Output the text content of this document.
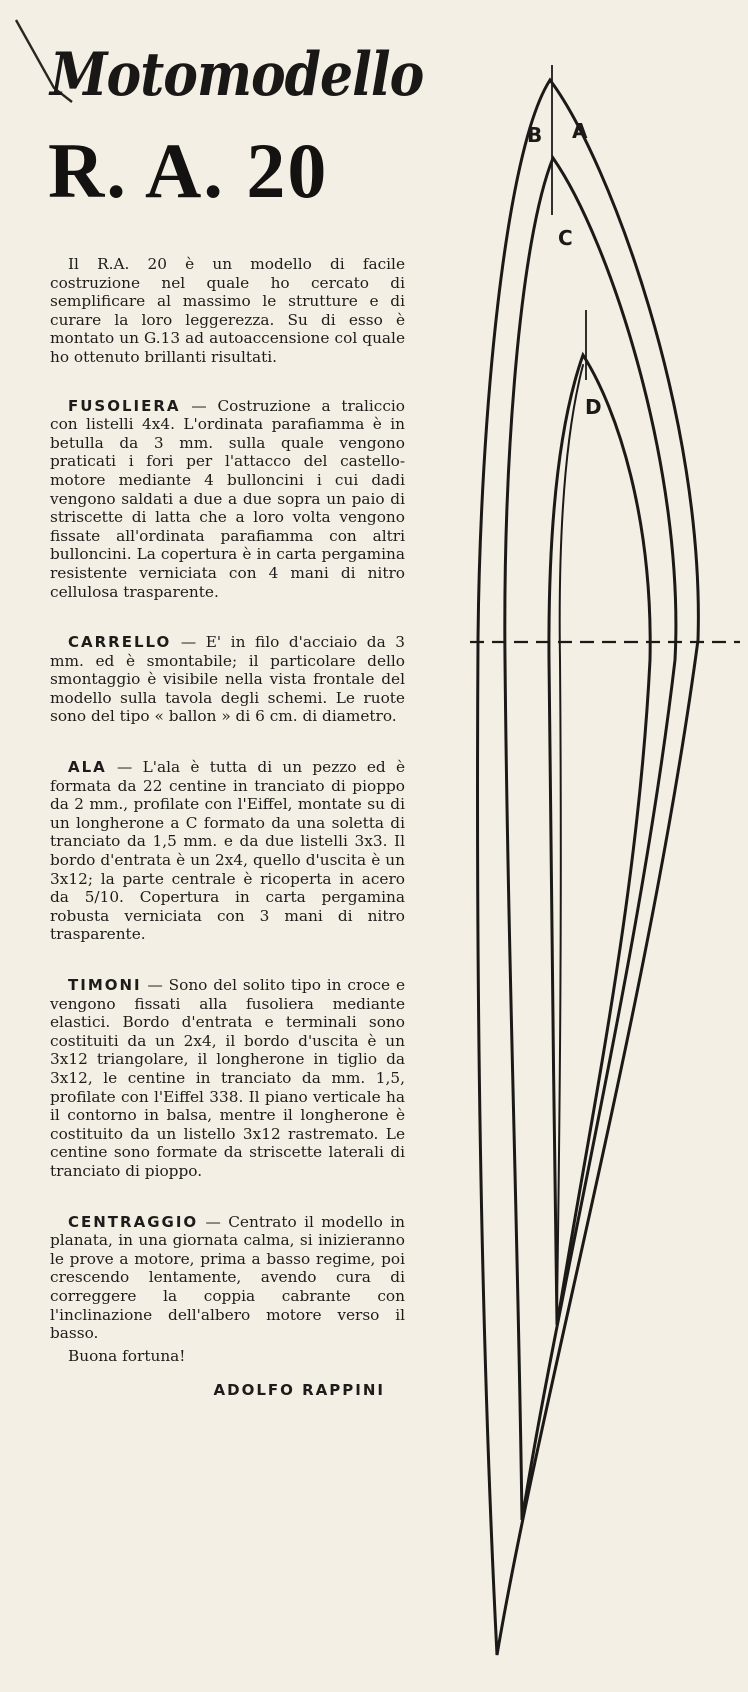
Motomodello
R. A. 20

Il R.A. 20 è un modello di facile costruzione nel quale ho cercato di semplificare al massimo le strutture e di curare la loro leggerezza. Su di esso è montato un G.13 ad autoaccensione col quale ho ottenuto brillanti risultati.

FUSOLIERA — Costruzione a traliccio con listelli 4x4. L'ordinata parafiamma è in betulla da 3 mm. sulla quale vengono praticati i fori per l'attacco del castello-motore mediante 4 bulloncini i cui dadi vengono saldati a due a due sopra un paio di striscette di latta che a loro volta vengono fissate all'ordinata parafiamma con altri bulloncini. La copertura è in carta pergamina resistente verniciata con 4 mani di nitro cellulosa trasparente.

CARRELLO — E' in filo d'acciaio da 3 mm. ed è smontabile; il particolare dello smontaggio è visibile nella vista frontale del modello sulla tavola degli schemi. Le ruote sono del tipo « ballon » di 6 cm. di diametro.

ALA — L'ala è tutta di un pezzo ed è formata da 22 centine in tranciato di pioppo da 2 mm., profilate con l'Eiffel, montate su di un longherone a C formato da una soletta di tranciato da 1,5 mm. e da due listelli 3x3. Il bordo d'entrata è un 2x4, quello d'uscita è un 3x12; la parte centrale è ricoperta in acero da 5/10. Copertura in carta pergamina robusta verniciata con 3 mani di nitro trasparente.

TIMONI — Sono del solito tipo in croce e vengono fissati alla fusoliera mediante elastici. Bordo d'entrata e terminali sono costituiti da un 2x4, il bordo d'uscita è un 3x12 triangolare, il longherone in tiglio da 3x12, le centine in tranciato da mm. 1,5, profilate con l'Eiffel 338. Il piano verticale ha il contorno in balsa, mentre il longherone è costituito da un listello 3x12 rastremato. Le centine sono formate da striscette laterali di tranciato di pioppo.

CENTRAGGIO — Centrato il modello in planata, in una giornata calma, si inizieranno le prove a motore, prima a basso regime, poi crescendo lentamente, avendo cura di correggere la coppia cabrante con l'inclinazione dell'albero motore verso il basso.

Buona fortuna!

ADOLFO RAPPINI
B A
C
D
